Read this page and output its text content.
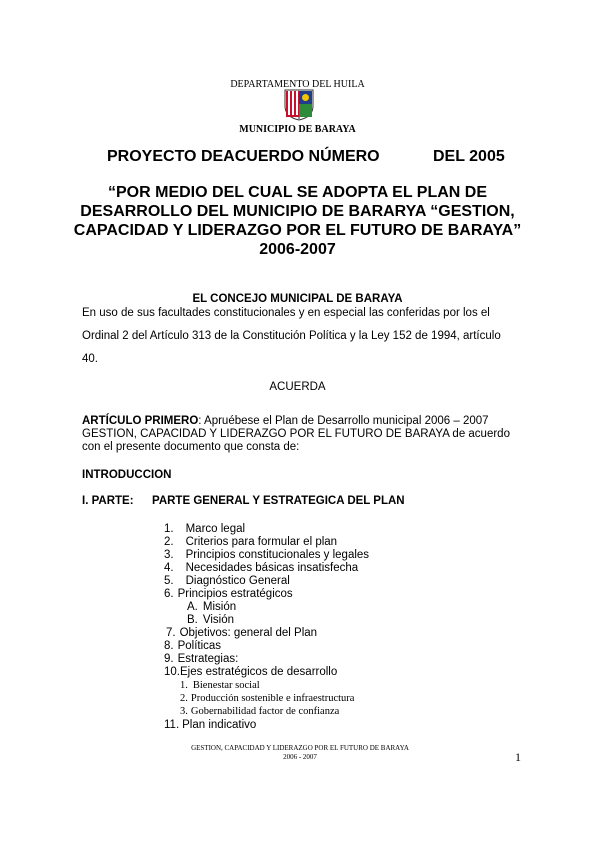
DEPARTAMENTO DEL HUILA
MUNICIPIO DE BARAYA
PROYECTO DEACUERDO NÚMERO	DEL 2005
“POR MEDIO DEL CUAL SE ADOPTA EL PLAN DE
DESARROLLO DEL MUNICIPIO DE BARARYA “GESTION,
CAPACIDAD Y LIDERAZGO POR EL FUTURO DE BARAYA”
2006-2007
EL CONCEJO MUNICIPAL DE BARAYA
En uso de sus facultades constitucionales y en especial las conferidas por los el
Ordinal 2 del Artículo 313 de la Constitución Política y la Ley 152 de 1994, artículo
40.
ACUERDA
ARTÍCULO PRIMERO: Apruébese el Plan de Desarrollo municipal 2006 – 2007
GESTION, CAPACIDAD Y LIDERAZGO POR EL FUTURO DE BARAYA de acuerdo
con el presente documento que consta de:
INTRODUCCION
I. PARTE: PARTE GENERAL Y ESTRATEGICA DEL PLAN
1. Marco legal
2. Criterios para formular el plan
3. Principios constitucionales y legales
4. Necesidades básicas insatisfecha
5. Diagnóstico General
6. Principios estratégicos
A. Misión
B. Visión
7. Objetivos: general del Plan
8. Políticas
9. Estrategias:
10.Ejes estratégicos de desarrollo
1. Bienestar social
2. Producción sostenible e infraestructura
3. Gobernabilidad factor de confianza
11. Plan indicativo
GESTION, CAPACIDAD Y LIDERAZGO POR EL FUTURO DE BARAYA
2006 - 2007	1
